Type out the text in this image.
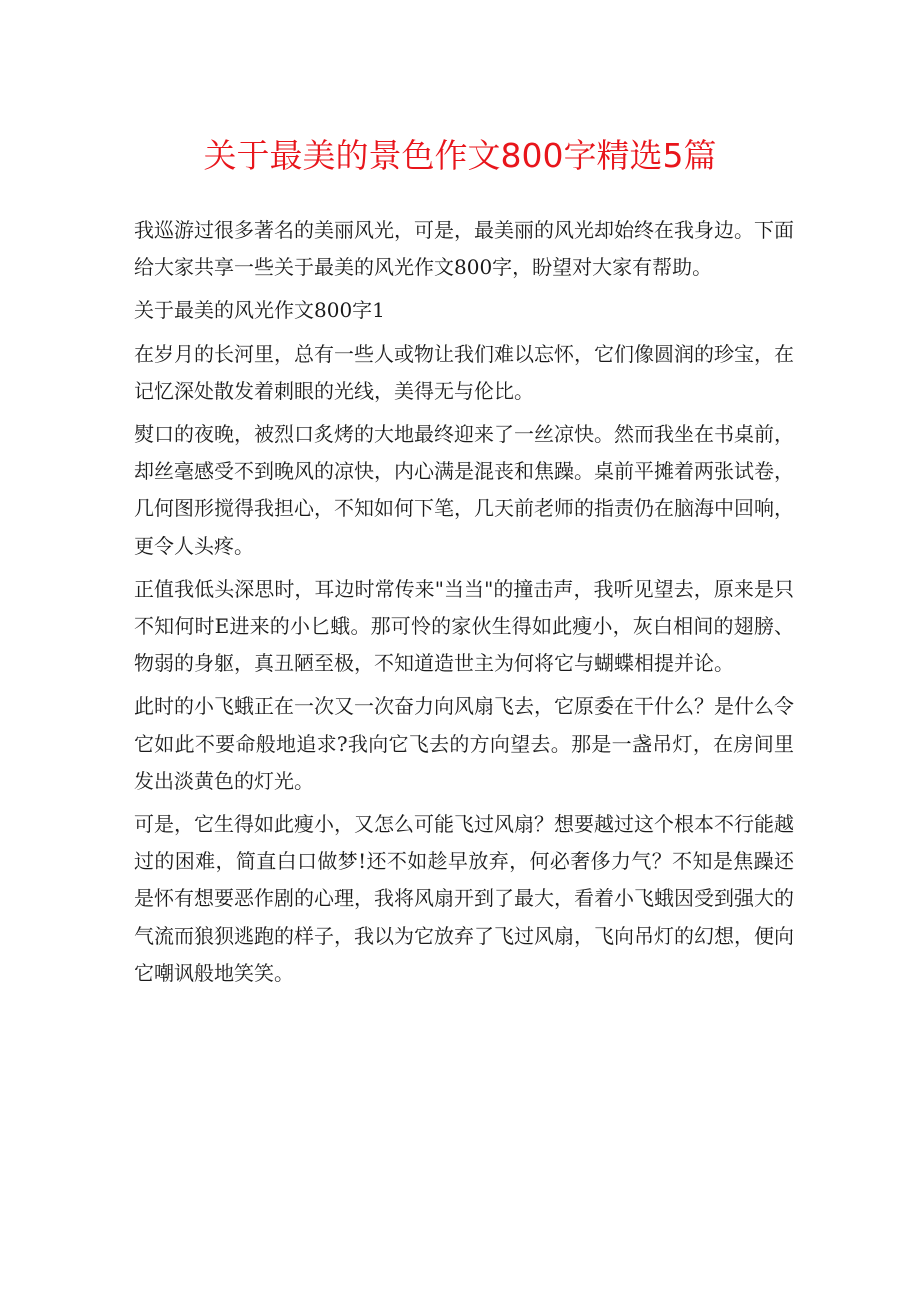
关于最美的景色作文800字精选5篇

我巡游过很多著名的美丽风光，可是，最美丽的风光却始终在我身边。下面给大家共享一些关于最美的风光作文800字，盼望对大家有帮助。

关于最美的风光作文800字1

在岁月的长河里，总有一些人或物让我们难以忘怀，它们像圆润的珍宝，在记忆深处散发着刺眼的光线，美得无与伦比。

熨口的夜晚，被烈口炙烤的大地最终迎来了一丝凉快。然而我坐在书桌前，却丝毫感受不到晚风的凉快，内心满是混丧和焦躁。桌前平摊着两张试卷，几何图形搅得我担心，不知如何下笔，几天前老师的指责仍在脑海中回响，更令人头疼。

正值我低头深思时，耳边时常传来"当当"的撞击声，我听见望去，原来是只不知何时E进来的小匕蛾。那可怜的家伙生得如此瘦小，灰白相间的翅膀、物弱的身躯，真丑陋至极，不知道造世主为何将它与蝴蝶相提并论。

此时的小飞蛾正在一次又一次奋力向风扇飞去，它原委在干什么？是什么令它如此不要命般地追求?我向它飞去的方向望去。那是一盏吊灯，在房间里发出淡黄色的灯光。

可是，它生得如此瘦小，又怎么可能飞过风扇？想要越过这个根本不行能越过的困难，简直白口做梦!还不如趁早放弃，何必奢侈力气？不知是焦躁还是怀有想要恶作剧的心理，我将风扇开到了最大，看着小飞蛾因受到强大的气流而狼狈逃跑的样子，我以为它放弃了飞过风扇，飞向吊灯的幻想，便向它嘲讽般地笑笑。
